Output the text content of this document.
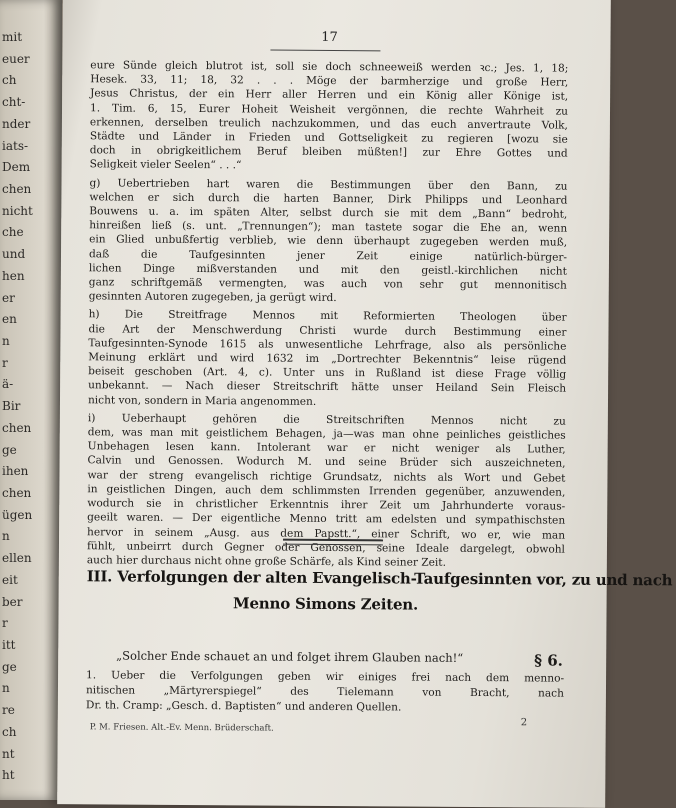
mit
euer
ch
cht-
nder
iats-
Dem
chen
nicht
che
und
hen
er
en
n
r
ä-
Bir
chen
ge
ihen
chen
ügen
n
ellen
eit
ber
r
itt
ge
n
re
ch
nt
ht
17
eure Sünde gleich blutrot ist, soll sie doch schneeweiß werden ꝛc.; Jes. 1, 18;
Hesek. 33, 11; 18, 32 . . . Möge der barmherzige und große Herr,
Jesus Christus, der ein Herr aller Herren und ein König aller Könige ist,
1. Tim. 6, 15, Eurer Hoheit Weisheit vergönnen, die rechte Wahrheit zu
erkennen, derselben treulich nachzukommen, und das euch anvertraute Volk,
Städte und Länder in Frieden und Gottseligkeit zu regieren [wozu sie
doch in obrigkeitlichem Beruf bleiben müßten!] zur Ehre Gottes und
Seligkeit vieler Seelen“ . . .“
g) Uebertrieben hart waren die Bestimmungen über den Bann, zu
welchen er sich durch die harten Banner, Dirk Philipps und Leonhard
Bouwens u. a. im späten Alter, selbst durch sie mit dem „Bann“ bedroht,
hinreißen ließ (s. unt. „Trennungen“); man tastete sogar die Ehe an, wenn
ein Glied unbußfertig verblieb, wie denn überhaupt zugegeben werden muß,
daß die Taufgesinnten jener Zeit einige natürlich-bürger-
lichen Dinge mißverstanden und mit den geistl.-kirchlichen nicht
ganz schriftgemäß vermengten, was auch von sehr gut mennonitisch
gesinnten Autoren zugegeben, ja gerügt wird.
h) Die Streitfrage Mennos mit Reformierten Theologen über
die Art der Menschwerdung Christi wurde durch Bestimmung einer
Taufgesinnten-Synode 1615 als unwesentliche Lehrfrage, also als persönliche
Meinung erklärt und wird 1632 im „Dortrechter Bekenntnis“ leise rügend
beiseit geschoben (Art. 4, c). Unter uns in Rußland ist diese Frage völlig
unbekannt. — Nach dieser Streitschrift hätte unser Heiland Sein Fleisch
nicht von, sondern in Maria angenommen.
i) Ueberhaupt gehören die Streitschriften Mennos nicht zu
dem, was man mit geistlichem Behagen, ja—was man ohne peinliches geistliches
Unbehagen lesen kann. Intolerant war er nicht weniger als Luther,
Calvin und Genossen. Wodurch M. und seine Brüder sich auszeichneten,
war der streng evangelisch richtige Grundsatz, nichts als Wort und Gebet
in geistlichen Dingen, auch dem schlimmsten Irrenden gegenüber, anzuwenden,
wodurch sie in christlicher Erkenntnis ihrer Zeit um Jahrhunderte voraus-
geeilt waren. — Der eigentliche Menno tritt am edelsten und sympathischsten
hervor in seinem „Ausg. aus dem Papstt.“, einer Schrift, wo er, wie man
fühlt, unbeirrt durch Gegner oder Genossen, seine Ideale dargelegt, obwohl
auch hier durchaus nicht ohne große Schärfe, als Kind seiner Zeit.
III. Verfolgungen der alten Evangelisch-Taufgesinnten vor, zu und nach
Menno Simons Zeiten.
„Solcher Ende schauet an und folget ihrem Glauben nach!“	§ 6.
1. Ueber die Verfolgungen geben wir einiges frei nach dem menno-
nitischen „Märtyrerspiegel“ des Tielemann von Bracht, nach
Dr. th. Cramp: „Gesch. d. Baptisten“ und anderen Quellen.
P. M. Friesen. Alt.-Ev. Menn. Brüderschaft.	2
